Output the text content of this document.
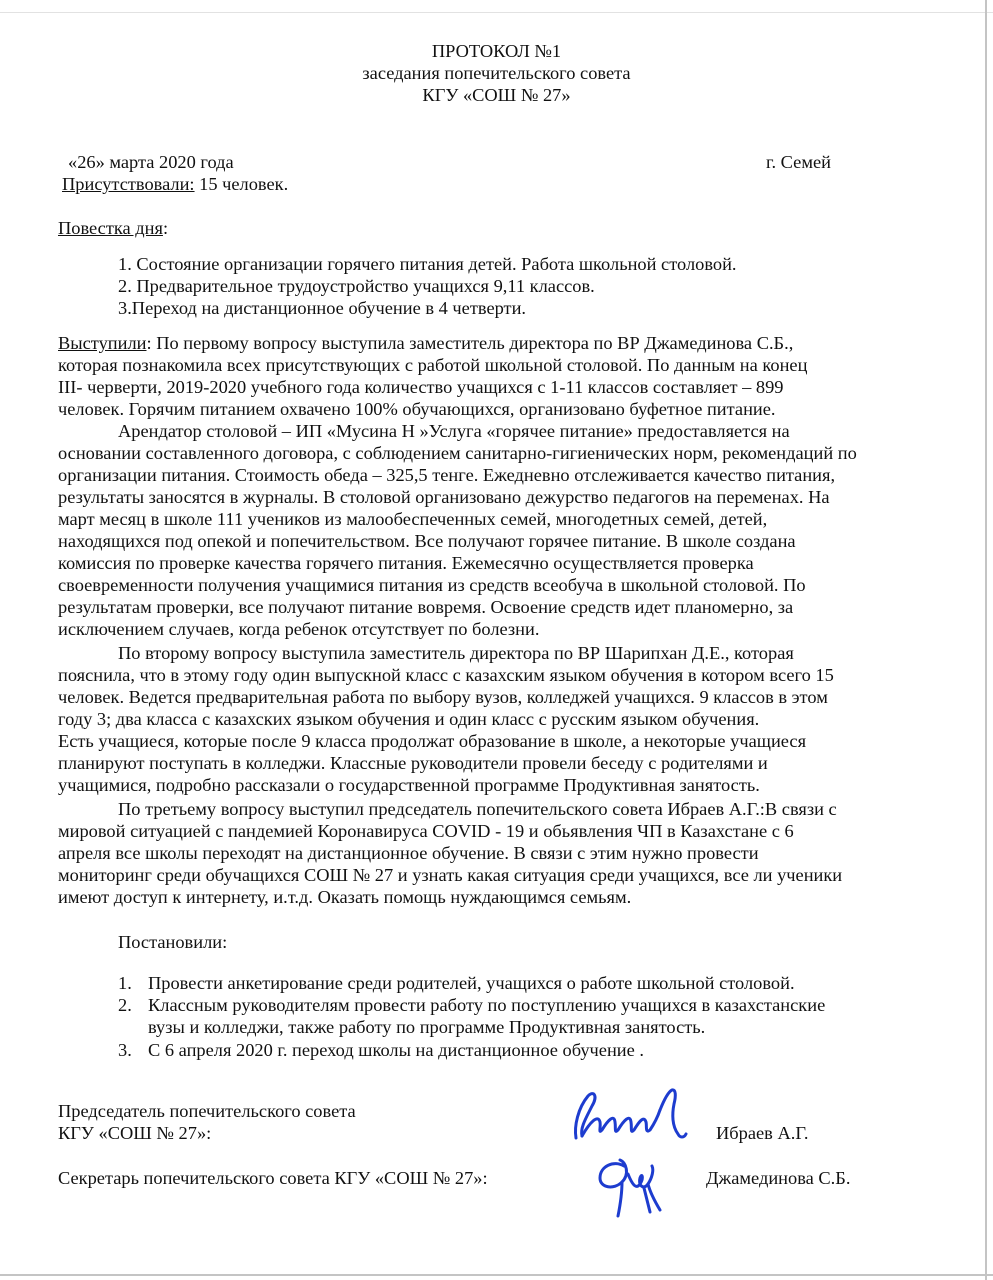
ПРОТОКОЛ №1
заседания попечительского совета
КГУ «СОШ № 27»
«26» марта 2020 года	г. Семей
Присутствовали: 15 человек.
Повестка дня:
1. Состояние организации горячего питания детей. Работа школьной столовой.
2. Предварительное трудоустройство учащихся 9,11 классов.
3.Переход на дистанционное обучение в 4 четверти.
Выступили: По первому вопросу выступила заместитель директора по ВР Джамединова С.Б.,
которая познакомила всех присутствующих с работой школьной столовой. По данным на конец
III- черверти, 2019-2020 учебного года количество учащихся с 1-11 классов составляет – 899
человек. Горячим питанием охвачено 100% обучающихся, организовано буфетное питание.
Арендатор столовой – ИП «Мусина Н »Услуга «горячее питание» предоставляется на
основании составленного договора, с соблюдением санитарно-гигиенических норм, рекомендаций по
организации питания. Стоимость обеда – 325,5 тенге. Ежедневно отслеживается качество питания,
результаты заносятся в журналы. В столовой организовано дежурство педагогов на переменах. На
март месяц в школе 111 учеников из малообеспеченных семей, многодетных семей, детей,
находящихся под опекой и попечительством. Все получают горячее питание. В школе создана
комиссия по проверке качества горячего питания. Ежемесячно осуществляется проверка
своевременности получения учащимися питания из средств всеобуча в школьной столовой. По
результатам проверки, все получают питание вовремя. Освоение средств идет планомерно, за
исключением случаев, когда ребенок отсутствует по болезни.
По второму вопросу выступила заместитель директора по ВР Шарипхан Д.Е., которая
пояснила, что в этому году один выпускной класс с казахским языком обучения в котором всего 15
человек. Ведется предварительная работа по выбору вузов, колледжей учащихся. 9 классов в этом
году 3; два класса с казахских языком обучения и один класс с русским языком обучения.
Есть учащиеся, которые после 9 класса продолжат образование в школе, а некоторые учащиеся
планируют поступать в колледжи. Классные руководители провели беседу с родителями и
учащимися, подробно рассказали о государственной программе Продуктивная занятость.
По третьему вопросу выступил председатель попечительского совета Ибраев А.Г.:В связи с
мировой ситуацией с пандемией Коронавируса COVID - 19 и обьявления ЧП в Казахстане с 6
апреля все школы переходят на дистанционное обучение. В связи с этим нужно провести
мониторинг среди обучащихся СОШ № 27 и узнать какая ситуация среди учащихся, все ли ученики
имеют доступ к интернету, и.т.д. Оказать помощь нуждающимся семьям.
Постановили:
1. Провести анкетирование среди родителей, учащихся о работе школьной столовой.
2. Классным руководителям провести работу по поступлению учащихся в казахстанские
вузы и колледжи, также работу по программе Продуктивная занятость.
3. С 6 апреля 2020 г. переход школы на дистанционное обучение .
Председатель попечительского совета
КГУ «СОШ № 27»:	Ибраев А.Г.
Секретарь попечительского совета КГУ «СОШ № 27»:	Джамединова С.Б.
